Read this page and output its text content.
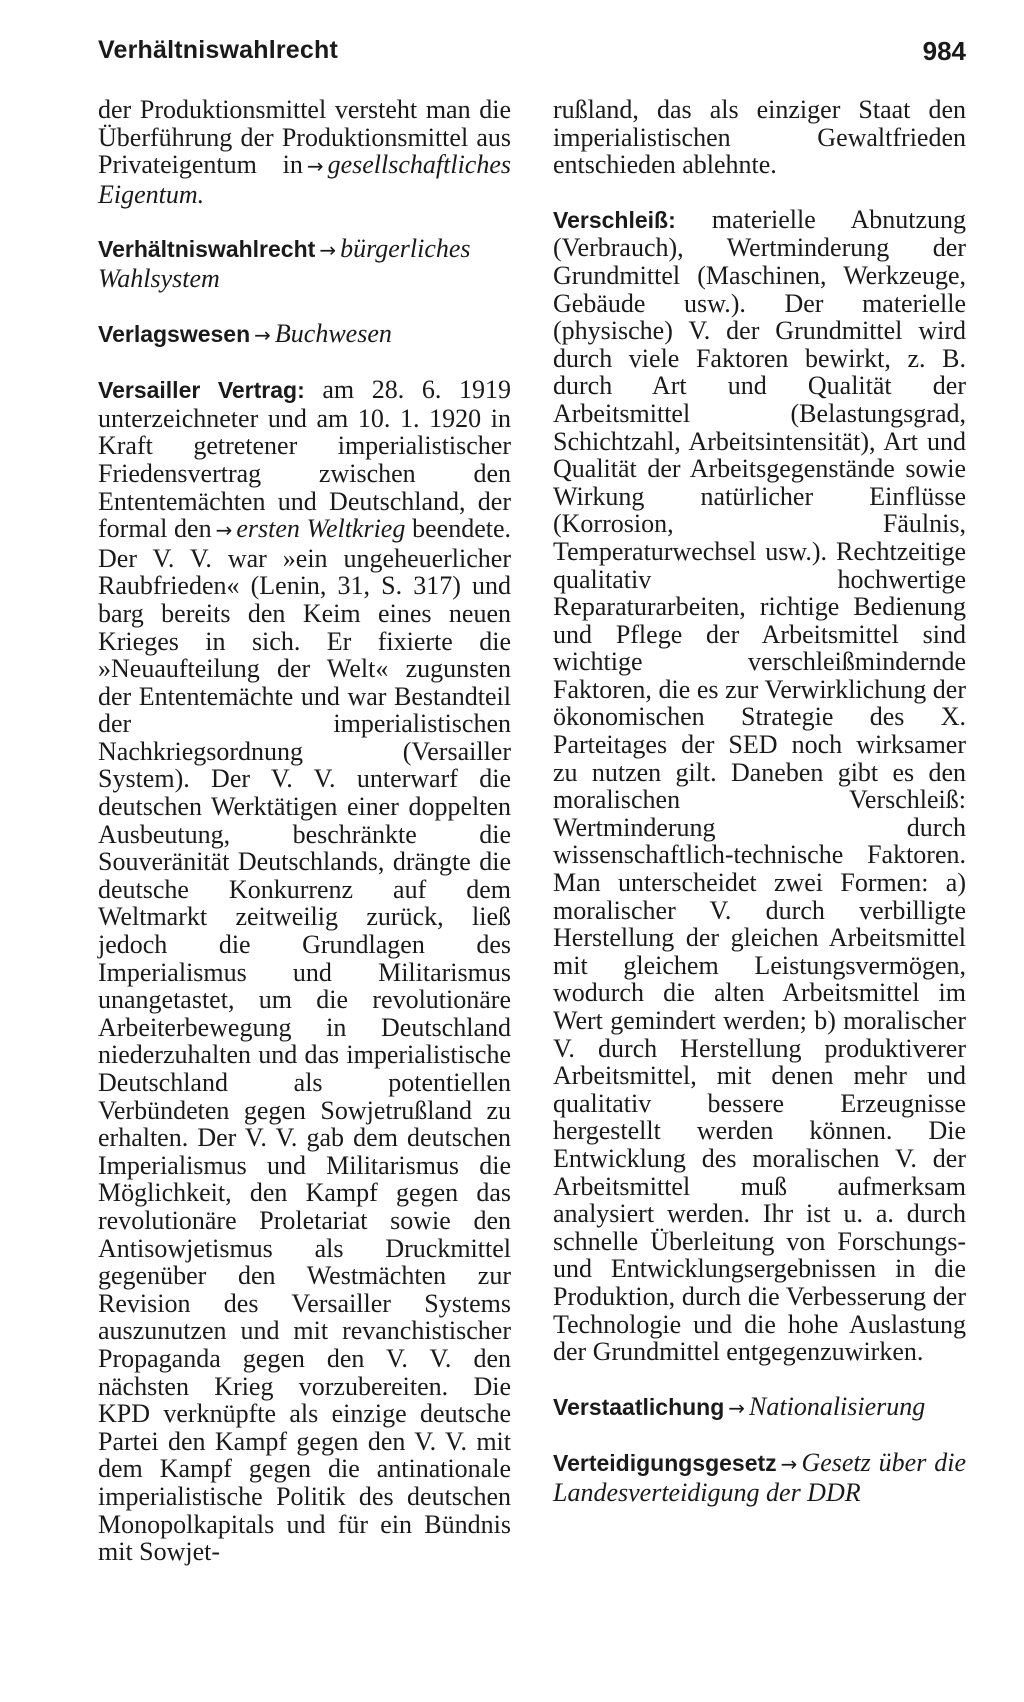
Verhältniswahlrecht	984

der Produktionsmittel versteht man die Überführung der Produktionsmittel aus Privateigentum in → gesellschaftliches Eigentum.

Verhältniswahlrecht → bürgerliches Wahlsystem

Verlagswesen → Buchwesen

Versailler Vertrag: am 28. 6. 1919 unterzeichneter und am 10. 1. 1920 in Kraft getretener imperialistischer Friedensvertrag zwischen den Ententemächten und Deutschland, der formal den → ersten Weltkrieg beendete. Der V. V. war »ein ungeheuerlicher Raubfrieden« (Lenin, 31, S. 317) und barg bereits den Keim eines neuen Krieges in sich. Er fixierte die »Neuaufteilung der Welt« zugunsten der Ententemächte und war Bestandteil der imperialistischen Nachkriegsordnung (Versailler System). Der V. V. unterwarf die deutschen Werktätigen einer doppelten Ausbeutung, beschränkte die Souveränität Deutschlands, drängte die deutsche Konkurrenz auf dem Weltmarkt zeitweilig zurück, ließ jedoch die Grundlagen des Imperialismus und Militarismus unangetastet, um die revolutionäre Arbeiterbewegung in Deutschland niederzuhalten und das imperialistische Deutschland als potentiellen Verbündeten gegen Sowjetrußland zu erhalten. Der V. V. gab dem deutschen Imperialismus und Militarismus die Möglichkeit, den Kampf gegen das revolutionäre Proletariat sowie den Antisowjetismus als Druckmittel gegenüber den Westmächten zur Revision des Versailler Systems auszunutzen und mit revanchistischer Propaganda gegen den V. V. den nächsten Krieg vorzubereiten. Die KPD verknüpfte als einzige deutsche Partei den Kampf gegen den V. V. mit dem Kampf gegen die antinationale imperialistische Politik des deutschen Monopolkapitals und für ein Bündnis mit Sowjet-

rußland, das als einziger Staat den imperialistischen Gewaltfrieden entschieden ablehnte.

Verschleiß: materielle Abnutzung (Verbrauch), Wertminderung der Grundmittel (Maschinen, Werkzeuge, Gebäude usw.). Der materielle (physische) V. der Grundmittel wird durch viele Faktoren bewirkt, z. B. durch Art und Qualität der Arbeitsmittel (Belastungsgrad, Schichtzahl, Arbeitsintensität), Art und Qualität der Arbeitsgegenstände sowie Wirkung natürlicher Einflüsse (Korrosion, Fäulnis, Temperaturwechsel usw.). Rechtzeitige qualitativ hochwertige Reparaturarbeiten, richtige Bedienung und Pflege der Arbeitsmittel sind wichtige verschleißmindernde Faktoren, die es zur Verwirklichung der ökonomischen Strategie des X. Parteitages der SED noch wirksamer zu nutzen gilt. Daneben gibt es den moralischen Verschleiß: Wertminderung durch wissenschaftlich-technische Faktoren. Man unterscheidet zwei Formen: a) moralischer V. durch verbilligte Herstellung der gleichen Arbeitsmittel mit gleichem Leistungsvermögen, wodurch die alten Arbeitsmittel im Wert gemindert werden; b) moralischer V. durch Herstellung produktiverer Arbeitsmittel, mit denen mehr und qualitativ bessere Erzeugnisse hergestellt werden können. Die Entwicklung des moralischen V. der Arbeitsmittel muß aufmerksam analysiert werden. Ihr ist u. a. durch schnelle Überleitung von Forschungs- und Entwicklungsergebnissen in die Produktion, durch die Verbesserung der Technologie und die hohe Auslastung der Grundmittel entgegenzuwirken.

Verstaatlichung → Nationalisierung

Verteidigungsgesetz → Gesetz über die Landesverteidigung der DDR
